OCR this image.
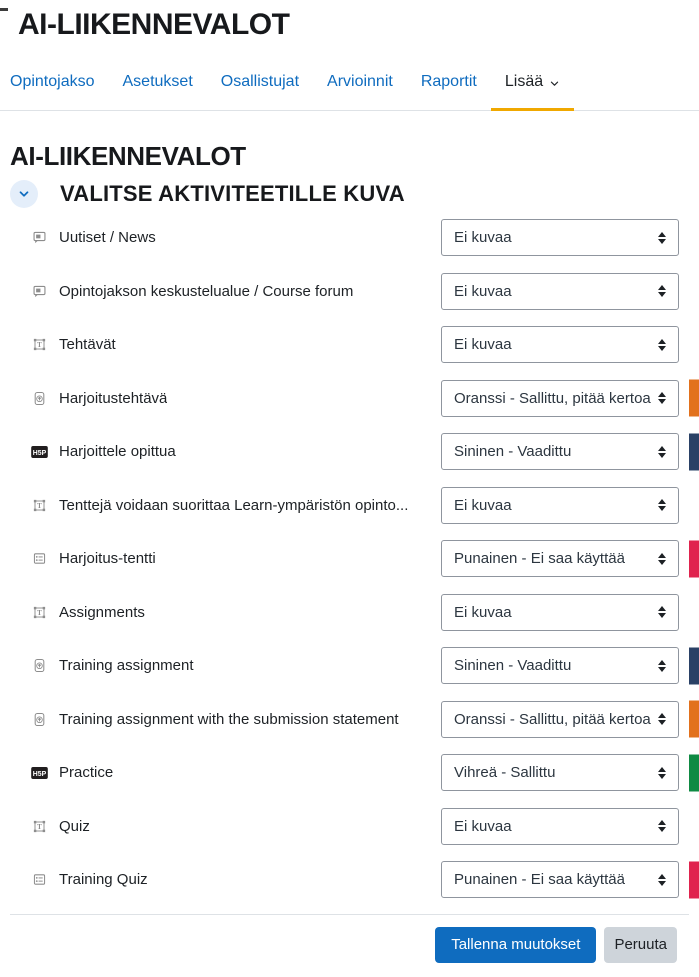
AI-LIIKENNEVALOT
Opintojakso Asetukset Osallistujat Arvioinnit Raportit Lisää
AI-LIIKENNEVALOT
VALITSE AKTIVITEETILLE KUVA
Uutiset / News	Ei kuvaa
Opintojakson keskustelualue / Course forum	Ei kuvaa
T Tehtävät	Ei kuvaa
Harjoitustehtävä	Oranssi - Sallittu, pitää kertoa
H5P Harjoittele opittua	Sininen - Vaadittu
T Tenttejä voidaan suorittaa Learn-ympäristön opinto...	Ei kuvaa
Harjoitus-tentti	Punainen - Ei saa käyttää
T Assignments	Ei kuvaa
Training assignment	Sininen - Vaadittu
Training assignment with the submission statement	Oranssi - Sallittu, pitää kertoa
H5P Practice	Vihreä - Sallittu
T Quiz	Ei kuvaa
Training Quiz	Punainen - Ei saa käyttää
Tallenna muutokset	Peruuta
